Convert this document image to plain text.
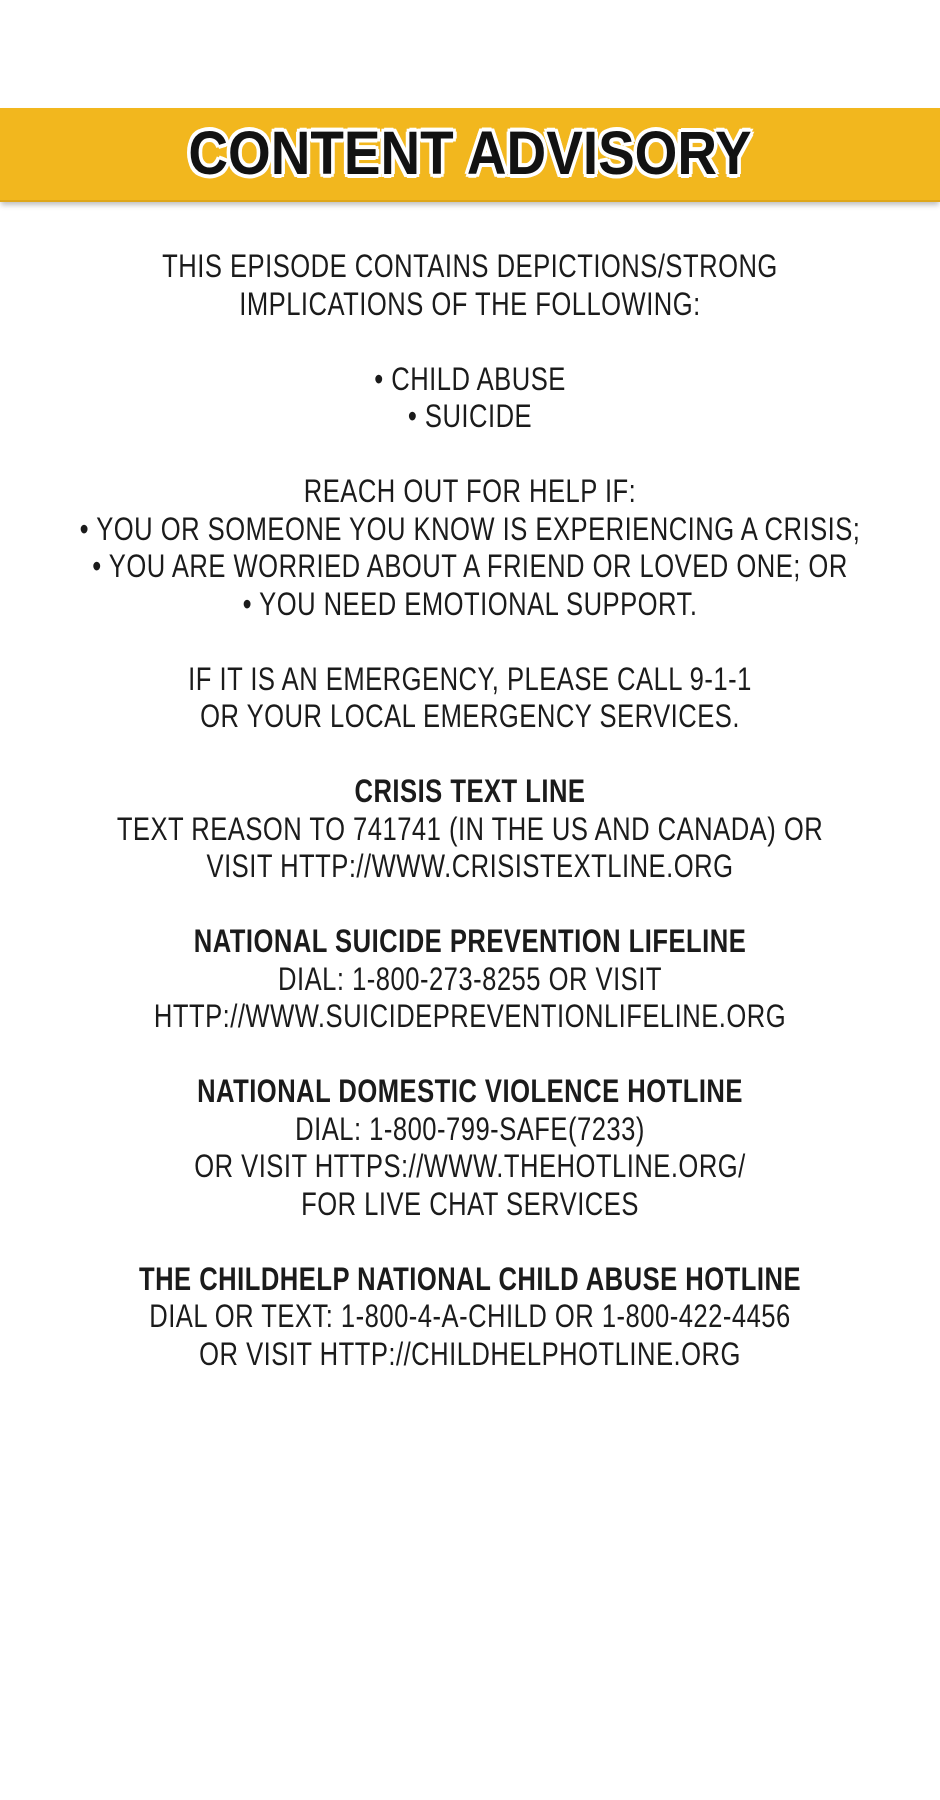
CONTENT ADVISORY
THIS EPISODE CONTAINS DEPICTIONS/STRONG
IMPLICATIONS OF THE FOLLOWING:
• CHILD ABUSE
• SUICIDE
REACH OUT FOR HELP IF:
• YOU OR SOMEONE YOU KNOW IS EXPERIENCING A CRISIS;
• YOU ARE WORRIED ABOUT A FRIEND OR LOVED ONE; OR
• YOU NEED EMOTIONAL SUPPORT.
IF IT IS AN EMERGENCY, PLEASE CALL 9-1-1
OR YOUR LOCAL EMERGENCY SERVICES.
CRISIS TEXT LINE
TEXT REASON TO 741741 (IN THE US AND CANADA) OR
VISIT HTTP://WWW.CRISISTEXTLINE.ORG
NATIONAL SUICIDE PREVENTION LIFELINE
DIAL: 1-800-273-8255 OR VISIT
HTTP://WWW.SUICIDEPREVENTIONLIFELINE.ORG
NATIONAL DOMESTIC VIOLENCE HOTLINE
DIAL: 1-800-799-SAFE(7233)
OR VISIT HTTPS://WWW.THEHOTLINE.ORG/
FOR LIVE CHAT SERVICES
THE CHILDHELP NATIONAL CHILD ABUSE HOTLINE
DIAL OR TEXT: 1-800-4-A-CHILD OR 1-800-422-4456
OR VISIT HTTP://CHILDHELPHOTLINE.ORG
